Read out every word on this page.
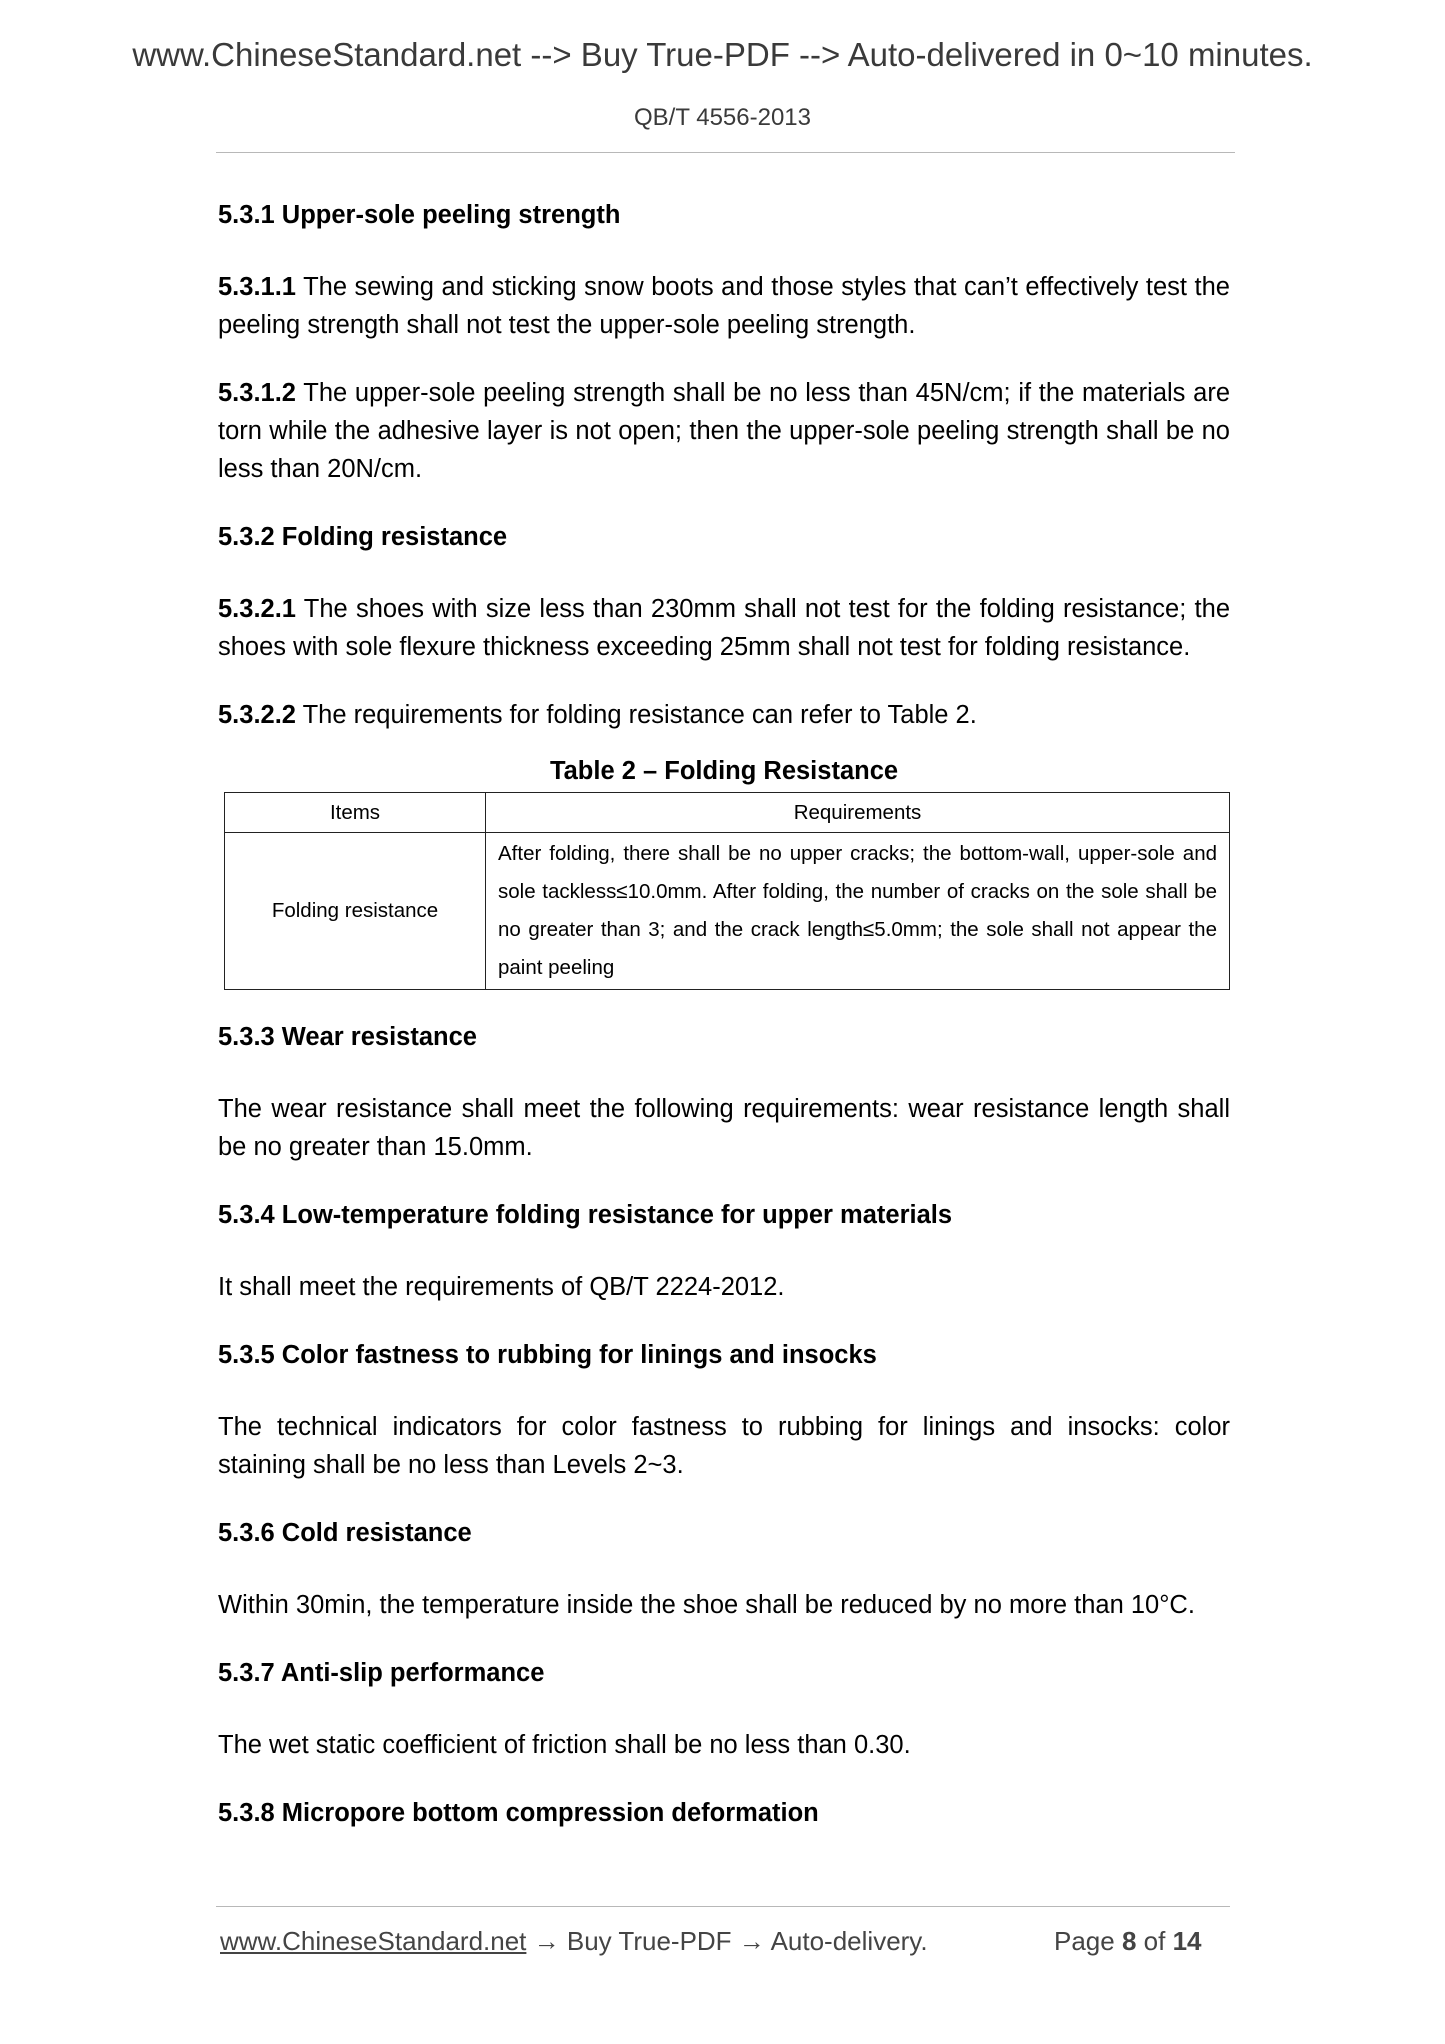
www.ChineseStandard.net --> Buy True-PDF --> Auto-delivered in 0~10 minutes.
QB/T 4556-2013
5.3.1 Upper-sole peeling strength
5.3.1.1 The sewing and sticking snow boots and those styles that can’t effectively test the peeling strength shall not test the upper-sole peeling strength.
5.3.1.2 The upper-sole peeling strength shall be no less than 45N/cm; if the materials are torn while the adhesive layer is not open; then the upper-sole peeling strength shall be no less than 20N/cm.
5.3.2 Folding resistance
5.3.2.1 The shoes with size less than 230mm shall not test for the folding resistance; the shoes with sole flexure thickness exceeding 25mm shall not test for folding resistance.
5.3.2.2 The requirements for folding resistance can refer to Table 2.
Table 2 – Folding Resistance
Items	Requirements
Folding resistance	After folding, there shall be no upper cracks; the bottom-wall, upper-sole and sole tackless≤10.0mm. After folding, the number of cracks on the sole shall be no greater than 3; and the crack length≤5.0mm; the sole shall not appear the paint peeling
5.3.3 Wear resistance
The wear resistance shall meet the following requirements: wear resistance length shall be no greater than 15.0mm.
5.3.4 Low-temperature folding resistance for upper materials
It shall meet the requirements of QB/T 2224-2012.
5.3.5 Color fastness to rubbing for linings and insocks
The technical indicators for color fastness to rubbing for linings and insocks: color staining shall be no less than Levels 2~3.
5.3.6 Cold resistance
Within 30min, the temperature inside the shoe shall be reduced by no more than 10°C.
5.3.7 Anti-slip performance
The wet static coefficient of friction shall be no less than 0.30.
5.3.8 Micropore bottom compression deformation
www.ChineseStandard.net → Buy True-PDF → Auto-delivery.	Page 8 of 14
